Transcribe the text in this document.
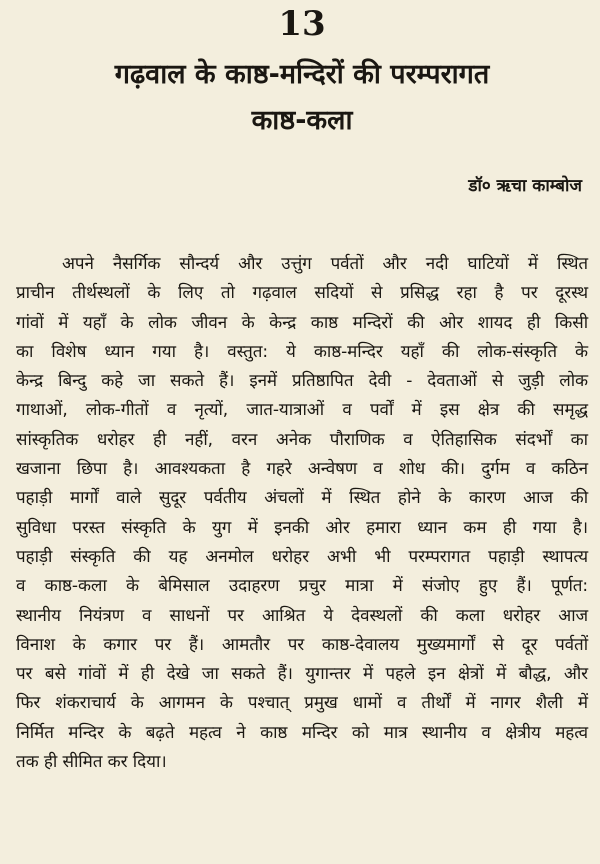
13
गढ़वाल के काष्ठ-मन्दिरों की परम्परागत
काष्ठ-कला
डॉ० ऋचा काम्बोज
अपने नैसर्गिक सौन्दर्य और उत्तुंग पर्वतों और नदी घाटियों में स्थित
प्राचीन तीर्थस्थलों के लिए तो गढ़वाल सदियों से प्रसिद्ध रहा है पर दूरस्थ
गांवों में यहाँ के लोक जीवन के केन्द्र काष्ठ मन्दिरों की ओर शायद ही किसी
का विशेष ध्यान गया है। वस्तुत: ये काष्ठ-मन्दिर यहाँ की लोक-संस्कृति के
केन्द्र बिन्दु कहे जा सकते हैं। इनमें प्रतिष्ठापित देवी - देवताओं से जुड़ी लोक
गाथाओं, लोक-गीतों व नृत्यों, जात-यात्राओं व पर्वों में इस क्षेत्र की समृद्ध
सांस्कृतिक धरोहर ही नहीं, वरन अनेक पौराणिक व ऐतिहासिक संदर्भों का
खजाना छिपा है। आवश्यकता है गहरे अन्वेषण व शोध की। दुर्गम व कठिन
पहाड़ी मार्गों वाले सुदूर पर्वतीय अंचलों में स्थित होने के कारण आज की
सुविधा परस्त संस्कृति के युग में इनकी ओर हमारा ध्यान कम ही गया है।
पहाड़ी संस्कृति की यह अनमोल धरोहर अभी भी परम्परागत पहाड़ी स्थापत्य
व काष्ठ-कला के बेमिसाल उदाहरण प्रचुर मात्रा में संजोए हुए हैं। पूर्णत:
स्थानीय नियंत्रण व साधनों पर आश्रित ये देवस्थलों की कला धरोहर आज
विनाश के कगार पर हैं। आमतौर पर काष्ठ-देवालय मुख्यमार्गों से दूर पर्वतों
पर बसे गांवों में ही देखे जा सकते हैं। युगान्तर में पहले इन क्षेत्रों में बौद्ध, और
फिर शंकराचार्य के आगमन के पश्चात् प्रमुख धामों व तीर्थों में नागर शैली में
निर्मित मन्दिर के बढ़ते महत्व ने काष्ठ मन्दिर को मात्र स्थानीय व क्षेत्रीय महत्व
तक ही सीमित कर दिया।
